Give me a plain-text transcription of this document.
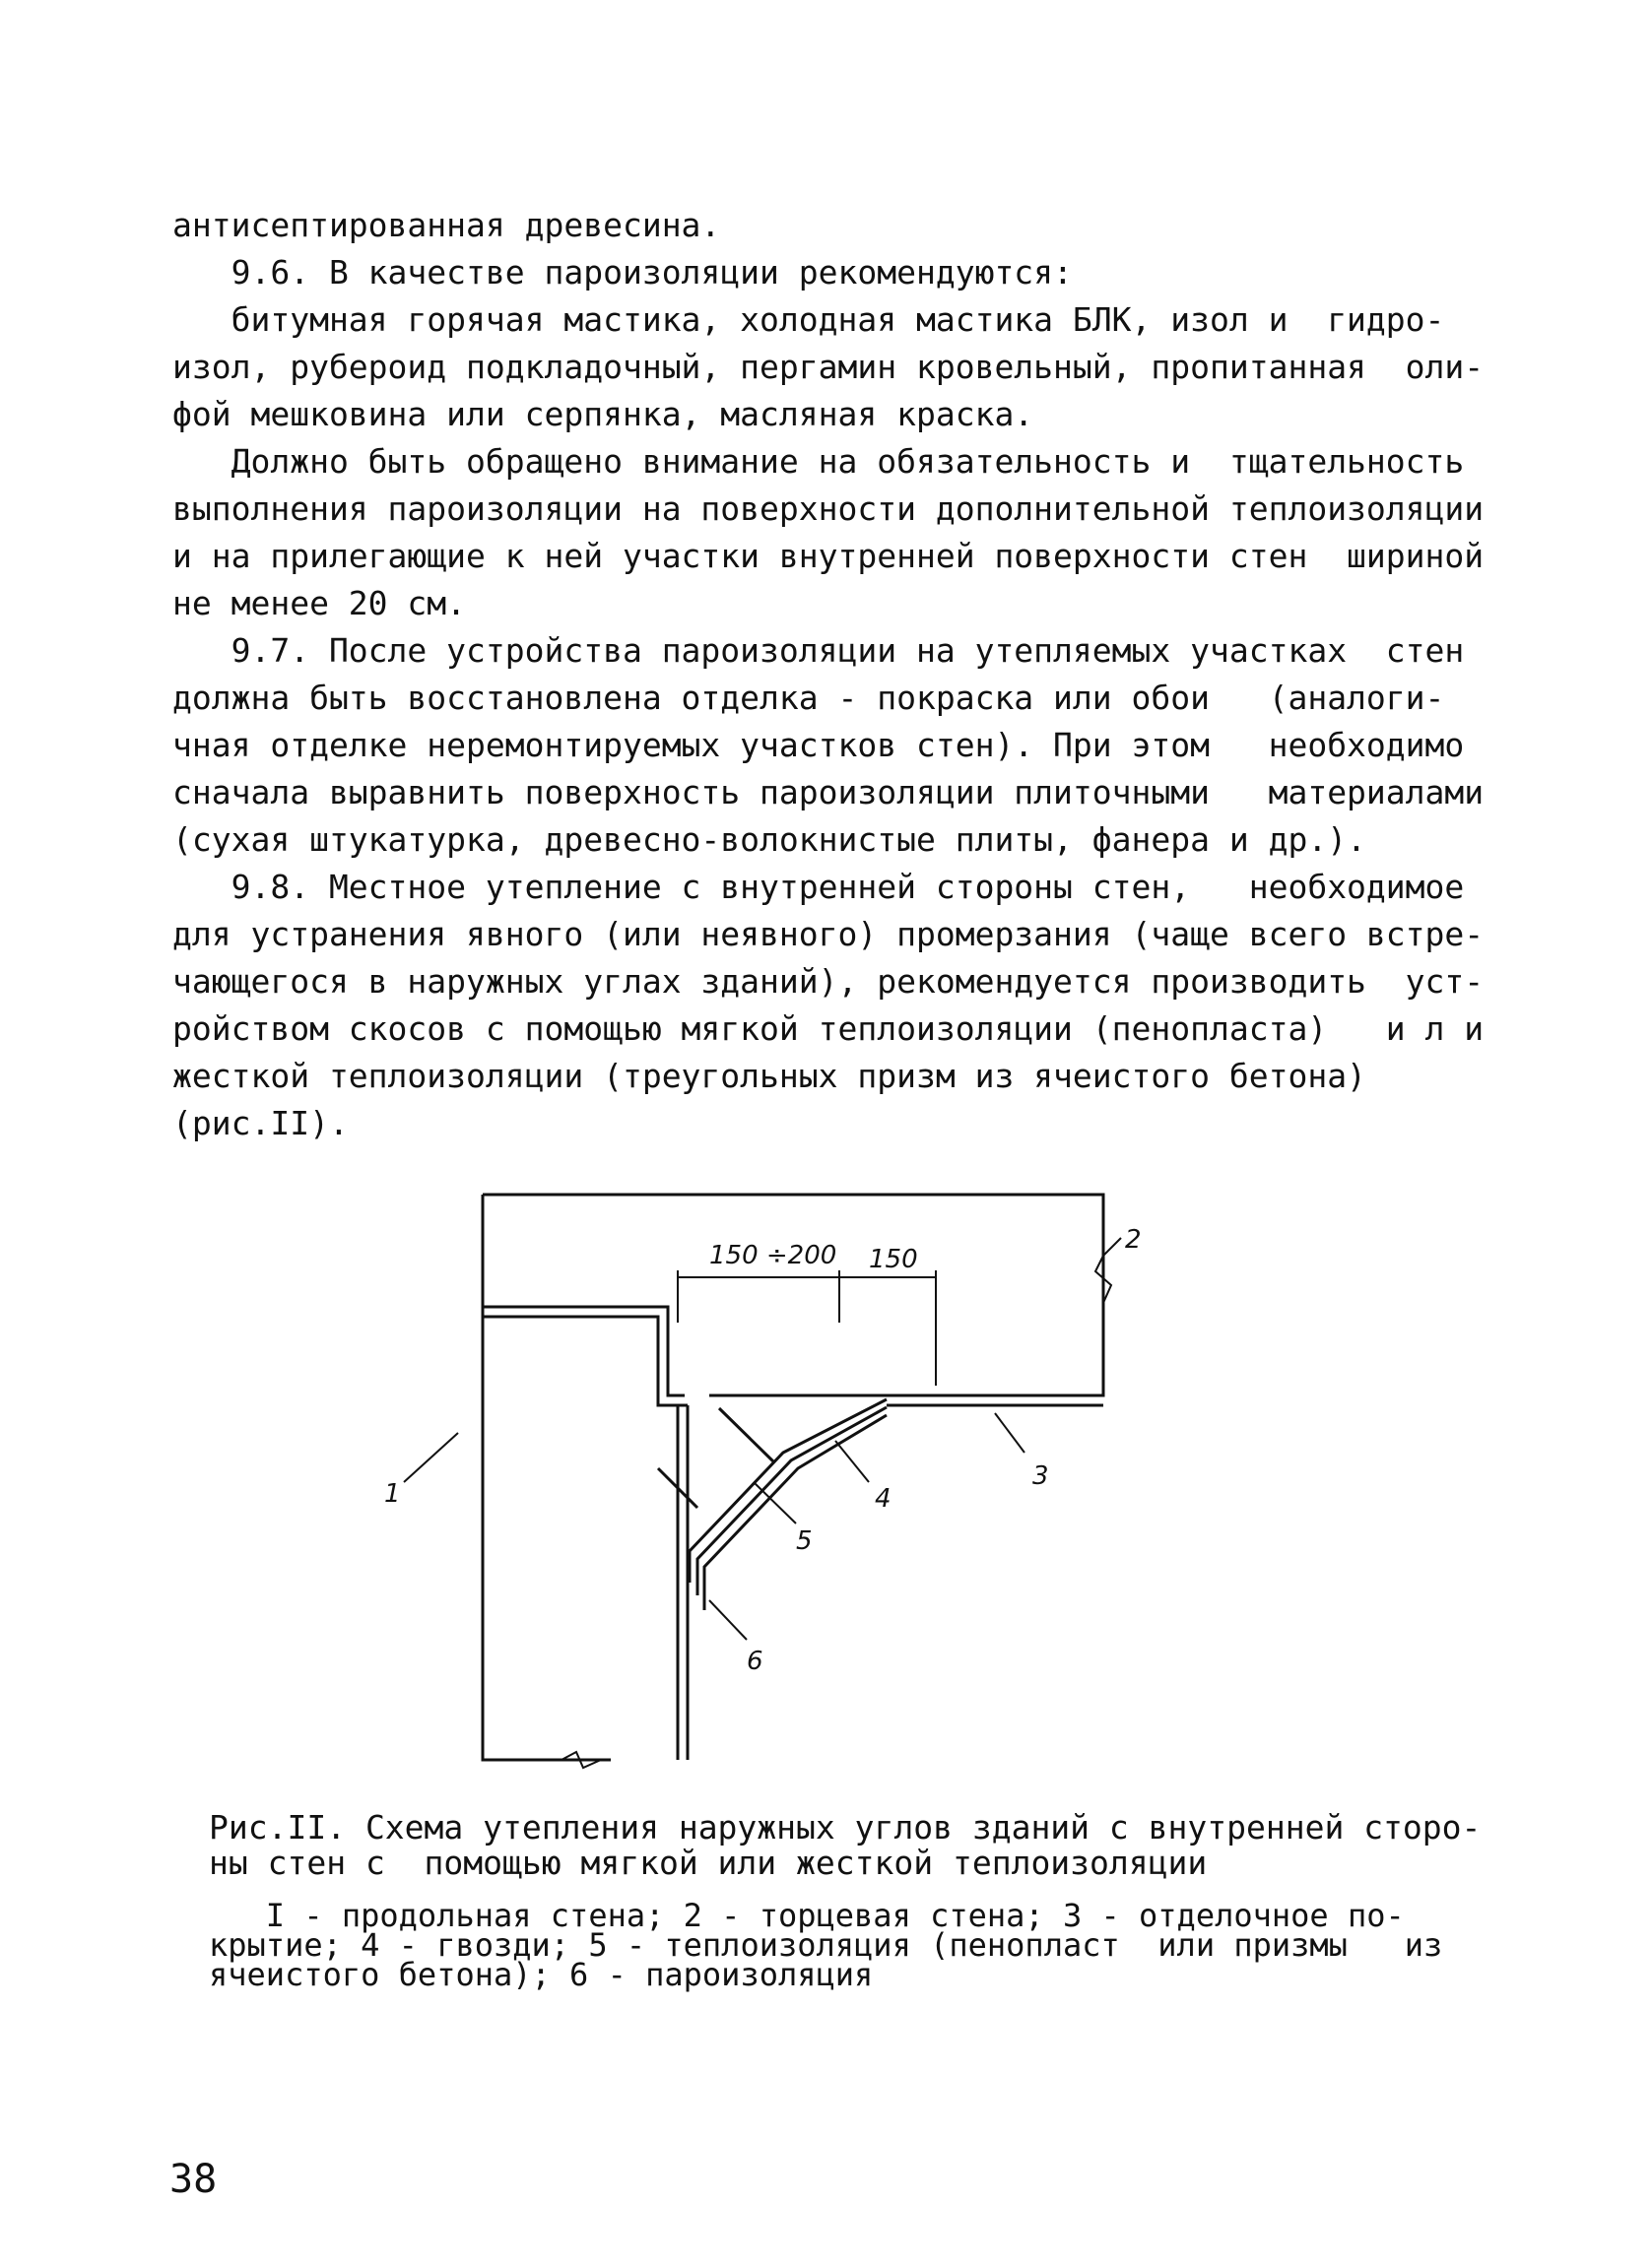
антисептированная древесина.
9.6. В качестве пароизоляции рекомендуются:
битумная горячая мастика, холодная мастика БЛК, изол и  гидро-
изол, рубероид подкладочный, пергамин кровельный, пропитанная  оли-
фой мешковина или серпянка, масляная краска.
Должно быть обращено внимание на обязательность и  тщательность
выполнения пароизоляции на поверхности дополнительной теплоизоляции
и на прилегающие к ней участки внутренней поверхности стен  шириной
не менее 20 см.
9.7. После устройства пароизоляции на утепляемых участках  стен
должна быть восстановлена отделка - покраска или обои   (аналоги-
чная отделке неремонтируемых участков стен). При этом   необходимо
сначала выравнить поверхность пароизоляции плиточными   материалами
(сухая штукатурка, древесно-волокнистые плиты, фанера и др.).
9.8. Местное утепление с внутренней стороны стен,   необходимое
для устранения явного (или неявного) промерзания (чаще всего встре-
чающегося в наружных углах зданий), рекомендуется производить  уст-
ройством скосов с помощью мягкой теплоизоляции (пенопласта)   и л и
жесткой теплоизоляции (треугольных призм из ячеистого бетона)
(рис.II).
150 ÷200 150
1
2
3
4
5
6
Рис.II. Схема утепления наружных углов зданий с внутренней сторо-
ны стен с  помощью мягкой или жесткой теплоизоляции
I - продольная стена; 2 - торцевая стена; 3 - отделочное по-
крытие; 4 - гвозди; 5 - теплоизоляция (пенопласт  или призмы   из
ячеистого бетона); 6 - пароизоляция
38
